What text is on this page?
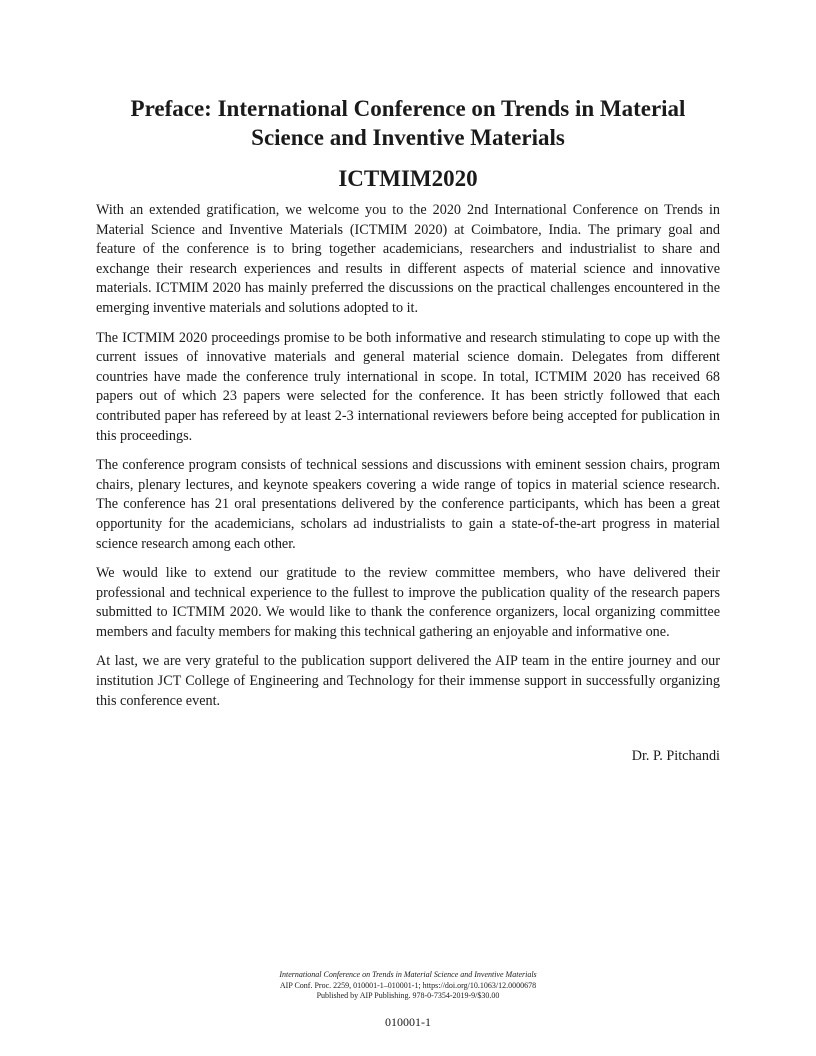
Preface: International Conference on Trends in Material Science and Inventive Materials
ICTMIM2020

With an extended gratification, we welcome you to the 2020 2nd International Conference on Trends in Material Science and Inventive Materials (ICTMIM 2020) at Coimbatore, India. The primary goal and feature of the conference is to bring together academicians, researchers and industrialist to share and exchange their research experiences and results in different aspects of material science and innovative materials. ICTMIM 2020 has mainly preferred the discussions on the practical challenges encountered in the emerging inventive materials and solutions adopted to it.

The ICTMIM 2020 proceedings promise to be both informative and research stimulating to cope up with the current issues of innovative materials and general material science domain. Delegates from different countries have made the conference truly international in scope. In total, ICTMIM 2020 has received 68 papers out of which 23 papers were selected for the conference. It has been strictly followed that each contributed paper has refereed by at least 2-3 international reviewers before being accepted for publication in this proceedings.

The conference program consists of technical sessions and discussions with eminent session chairs, program chairs, plenary lectures, and keynote speakers covering a wide range of topics in material science research. The conference has 21 oral presentations delivered by the conference participants, which has been a great opportunity for the academicians, scholars ad industrialists to gain a state-of-the-art progress in material science research among each other.

We would like to extend our gratitude to the review committee members, who have delivered their professional and technical experience to the fullest to improve the publication quality of the research papers submitted to ICTMIM 2020. We would like to thank the conference organizers, local organizing committee members and faculty members for making this technical gathering an enjoyable and informative one.

At last, we are very grateful to the publication support delivered the AIP team in the entire journey and our institution JCT College of Engineering and Technology for their immense support in successfully organizing this conference event.

Dr. P. Pitchandi
International Conference on Trends in Material Science and Inventive Materials
AIP Conf. Proc. 2259, 010001-1–010001-1; https://doi.org/10.1063/12.0000678
Published by AIP Publishing. 978-0-7354-2019-9/$30.00
010001-1
